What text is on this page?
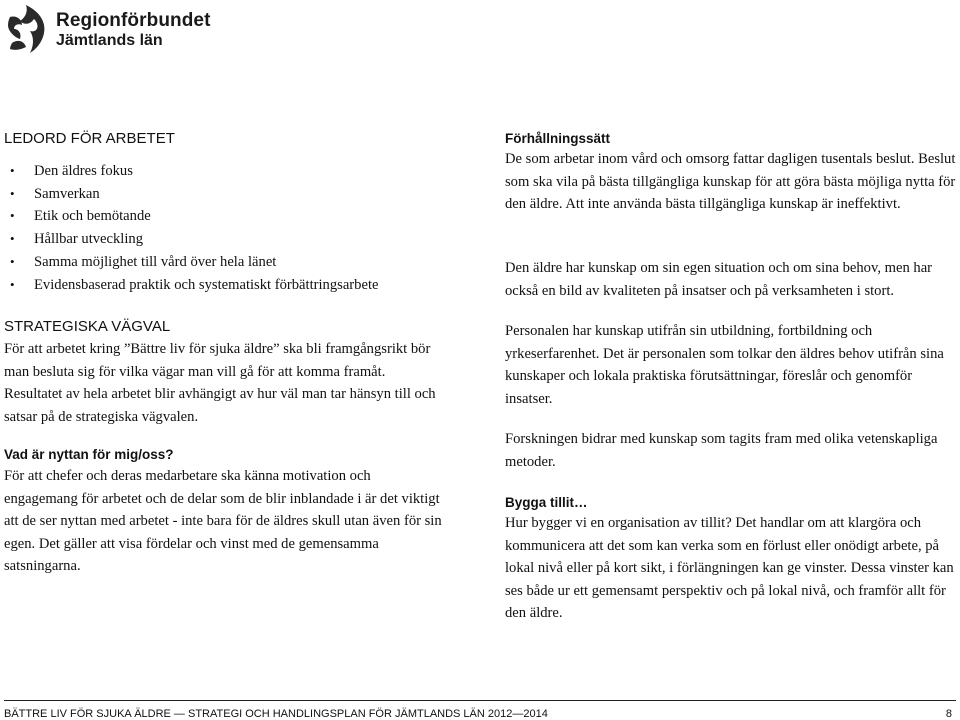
Regionförbundet
Jämtlands län
LEDORD FÖR ARBETET
• Den äldres fokus
• Samverkan
• Etik och bemötande
• Hållbar utveckling
• Samma möjlighet till vård över hela länet
• Evidensbaserad praktik och systematiskt förbättringsarbete
STRATEGISKA VÄGVAL
För att arbetet kring ”Bättre liv för sjuka äldre” ska bli framgångsrikt bör man besluta sig för vilka vägar man vill gå för att komma framåt. Resultatet av hela arbetet blir avhängigt av hur väl man tar hänsyn till och satsar på de strategiska vägvalen.
Vad är nyttan för mig/oss?
För att chefer och deras medarbetare ska känna motivation och engagemang för arbetet och de delar som de blir inblandade i är det viktigt att de ser nyttan med arbetet - inte bara för de äldres skull utan även för sin egen. Det gäller att visa fördelar och vinst med de gemensamma satsningarna.
Förhållningssätt
De som arbetar inom vård och omsorg fattar dagligen tusentals beslut. Beslut som ska vila på bästa tillgängliga kunskap för att göra bästa möjliga nytta för den äldre. Att inte använda bästa tillgängliga kunskap är ineffektivt.
Den äldre har kunskap om sin egen situation och om sina behov, men har också en bild av kvaliteten på insatser och på verksamheten i stort.
Personalen har kunskap utifrån sin utbildning, fortbildning och yrkeserfarenhet. Det är personalen som tolkar den äldres behov utifrån sina kunskaper och lokala praktiska förutsättningar, föreslår och genomför insatser.
Forskningen bidrar med kunskap som tagits fram med olika vetenskapliga metoder.
Bygga tillit…
Hur bygger vi en organisation av tillit? Det handlar om att klargöra och kommunicera att det som kan verka som en förlust eller onödigt arbete, på lokal nivå eller på kort sikt, i förlängningen kan ge vinster. Dessa vinster kan ses både ur ett gemensamt perspektiv och på lokal nivå, och framför allt för den äldre.
BÄTTRE LIV FÖR SJUKA ÄLDRE — STRATEGI OCH HANDLINGSPLAN FÖR JÄMTLANDS LÄN 2012—2014	8
